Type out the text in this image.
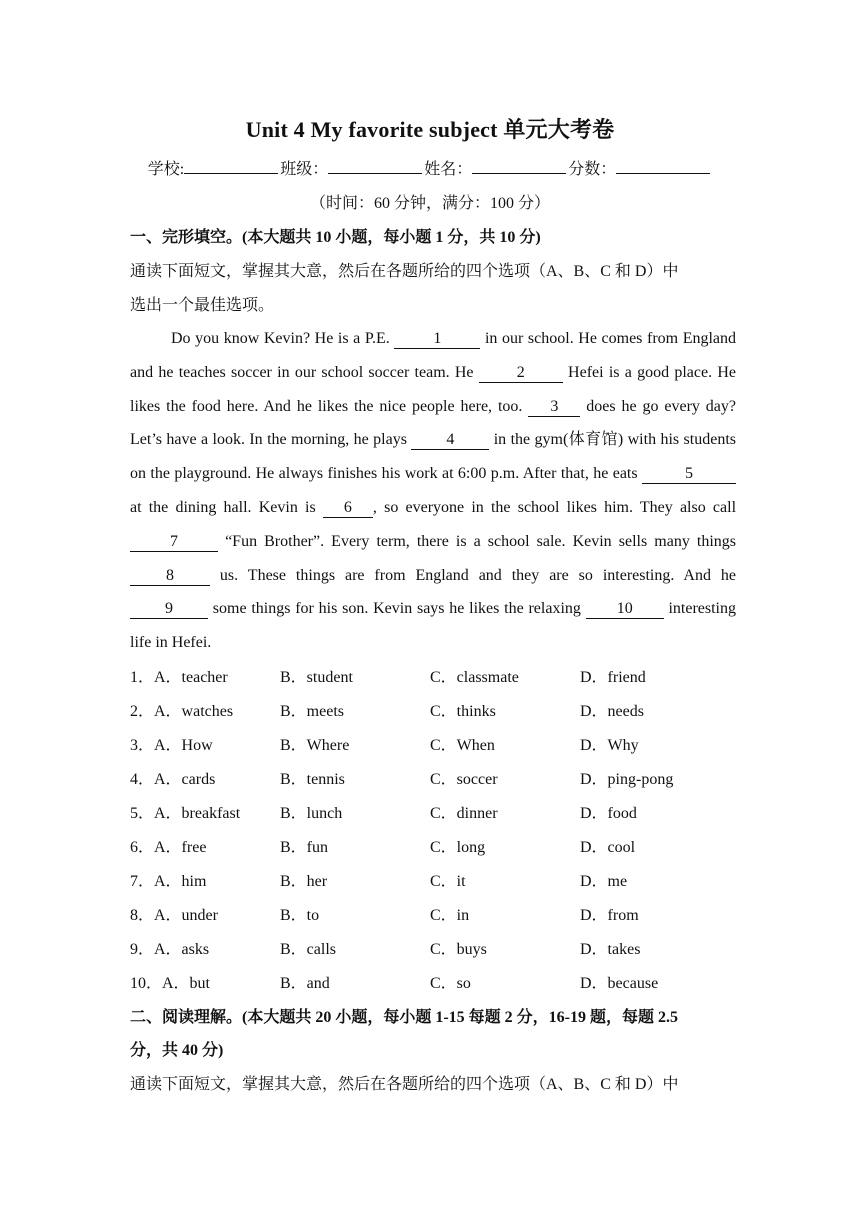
Unit 4 My favorite subject 单元大考卷
学校:	班级：	姓名：	分数：
（时间：60 分钟，满分：100 分）
一、完形填空。(本大题共 10 小题，每小题 1 分，共 10 分)
通读下面短文，掌握其大意，然后在各题所给的四个选项（A、B、C 和 D）中
选出一个最佳选项。
Do you know Kevin? He is a P.E. 1 in our school. He comes from England and he teaches soccer in our school soccer team. He 2 Hefei is a good place. He likes the food here. And he likes the nice people here, too. 3 does he go every day? Let’s have a look. In the morning, he plays 4 in the gym(体育馆) with his students on the playground. He always finishes his work at 6:00 p.m. After that, he eats	5 at the dining hall. Kevin is 6 , so everyone in the school likes him. They also call 7	“Fun Brother”. Every term, there is a school sale. Kevin sells many things 8 us. These things are from England and they are so interesting. And he 9 some things for his son. Kevin says he likes the relaxing 10 interesting life in Hefei.
1．A．teacher	B．student	C．classmate	D．friend
2．A．watches	B．meets	C．thinks	D．needs
3．A．How	B．Where	C．When	D．Why
4．A．cards	B．tennis	C．soccer	D．ping-pong
5．A．breakfast B．lunch	C．dinner	D．food
6．A．free	B．fun	C．long	D．cool
7．A．him	B．her	C．it	D．me
8．A．under	B．to	C．in	D．from
9．A．asks	B．calls	C．buys	D．takes
10．A．but	B．and	C．so	D．because
二、阅读理解。(本大题共 20 小题，每小题 1-15 每题 2 分，16-19 题，每题 2.5
分，共 40 分)
通读下面短文，掌握其大意，然后在各题所给的四个选项（A、B、C 和 D）中
